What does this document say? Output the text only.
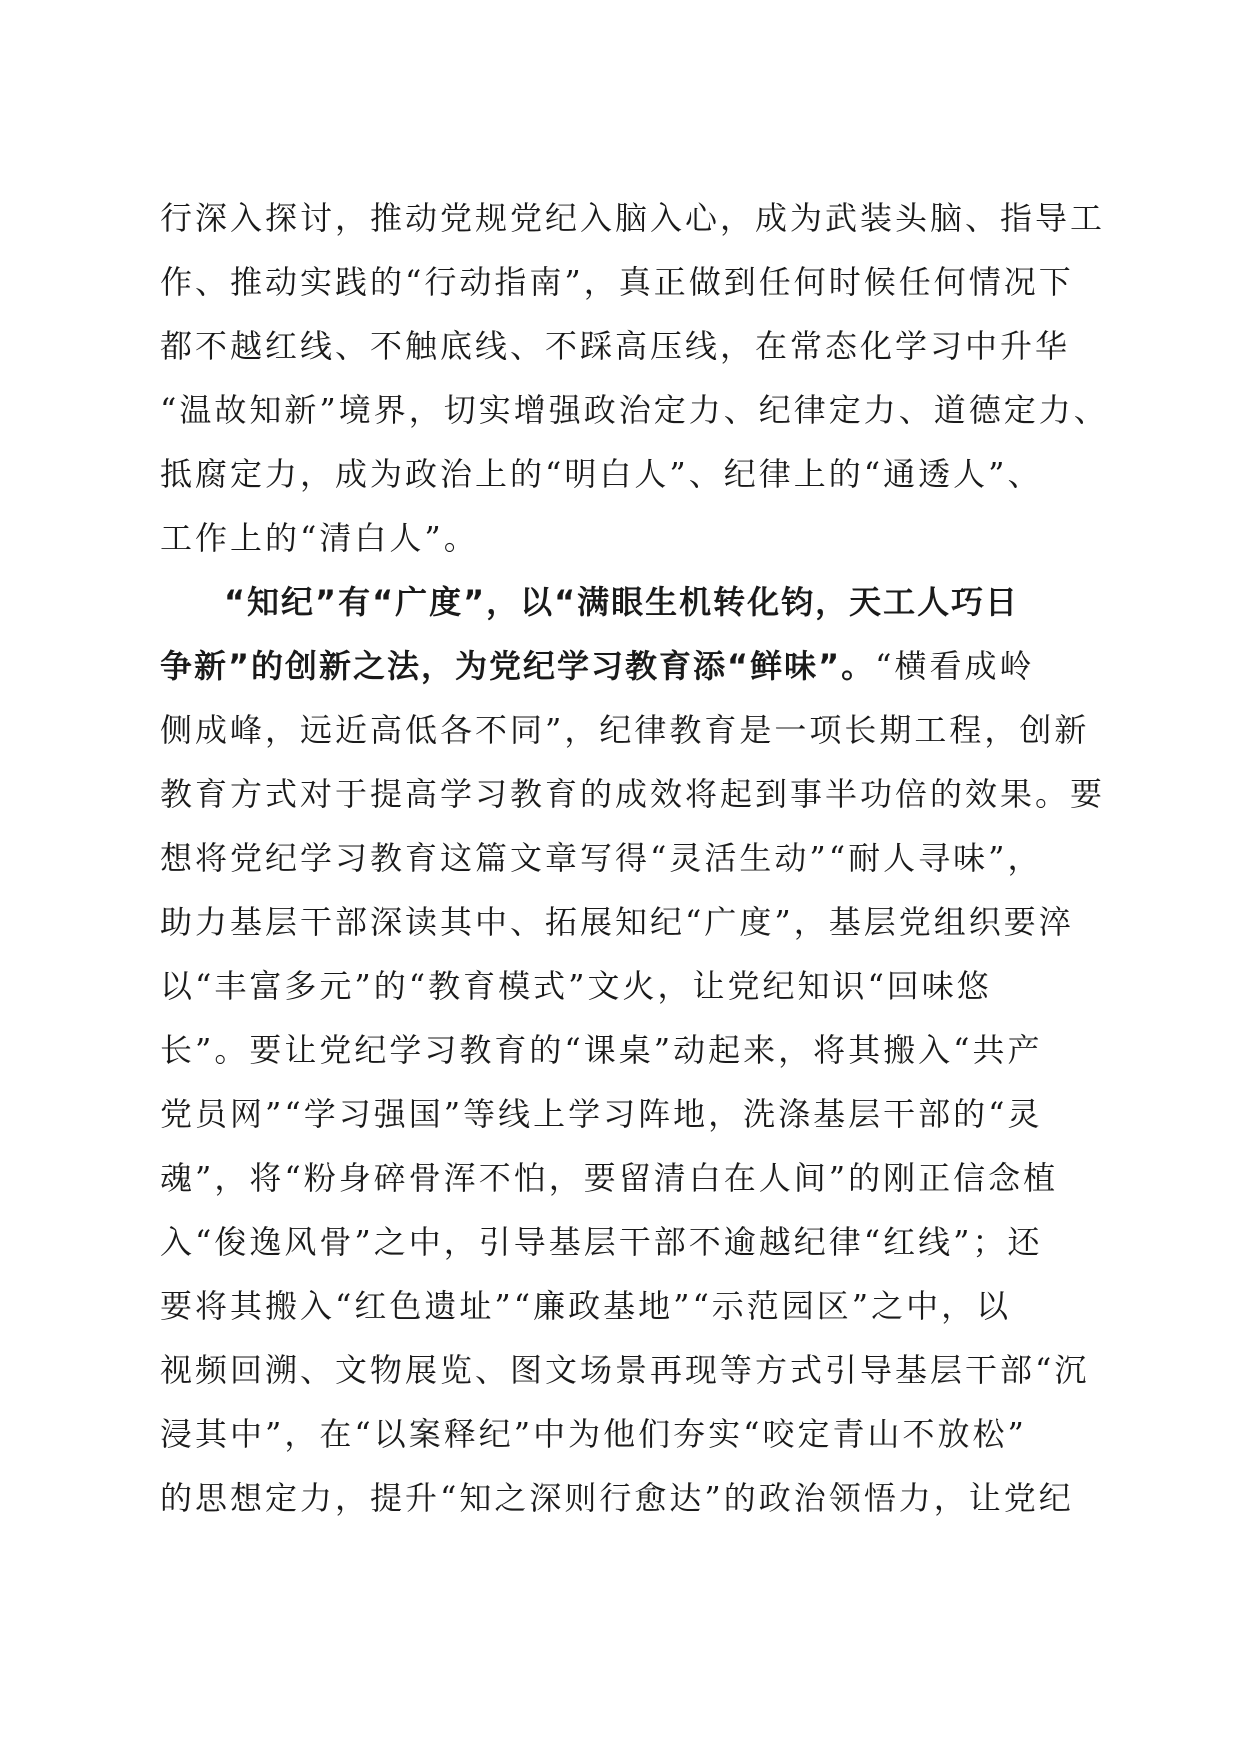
行深入探讨，推动党规党纪入脑入心，成为武装头脑、指导工
作、推动实践的“行动指南”，真正做到任何时候任何情况下
都不越红线、不触底线、不踩高压线，在常态化学习中升华
“温故知新”境界，切实增强政治定力、纪律定力、道德定力、
抵腐定力，成为政治上的“明白人”、纪律上的“通透人”、
工作上的“清白人”。
“知纪”有“广度”，以“满眼生机转化钧，天工人巧日
争新”的创新之法，为党纪学习教育添“鲜味”。“横看成岭
侧成峰，远近高低各不同”，纪律教育是一项长期工程，创新
教育方式对于提高学习教育的成效将起到事半功倍的效果。要
想将党纪学习教育这篇文章写得“灵活生动”“耐人寻味”，
助力基层干部深读其中、拓展知纪“广度”，基层党组织要淬
以“丰富多元”的“教育模式”文火，让党纪知识“回味悠
长”。要让党纪学习教育的“课桌”动起来，将其搬入“共产
党员网”“学习强国”等线上学习阵地，洗涤基层干部的“灵
魂”，将“粉身碎骨浑不怕，要留清白在人间”的刚正信念植
入“俊逸风骨”之中，引导基层干部不逾越纪律“红线”；还
要将其搬入“红色遗址”“廉政基地”“示范园区”之中，以
视频回溯、文物展览、图文场景再现等方式引导基层干部“沉
浸其中”，在“以案释纪”中为他们夯实“咬定青山不放松”
的思想定力，提升“知之深则行愈达”的政治领悟力，让党纪
